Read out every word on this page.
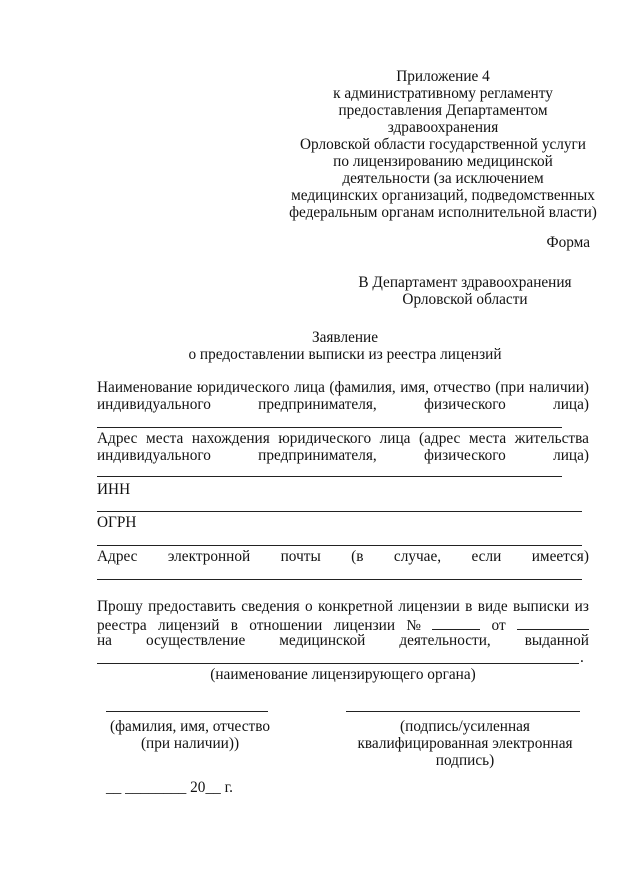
Приложение 4
к административному регламенту
предоставления Департаментом
здравоохранения
Орловской области государственной услуги
по лицензированию медицинской
деятельности (за исключением
медицинских организаций, подведомственных
федеральным органам исполнительной власти)
Форма
В Департамент здравоохранения
Орловской области
Заявление
о предоставлении выписки из реестра лицензий
Наименование юридического лица (фамилия, имя, отчество (при наличии)
индивидуального	предпринимателя,	физического	лица)
Адрес места нахождения юридического лица (адрес места жительства
индивидуального	предпринимателя,	физического	лица)
ИНН
ОГРН
Адрес электронной почты (в случае, если имеется)
Прошу предоставить сведения о конкретной лицензии в виде выписки из
реестра лицензий в отношении лицензии №	от
на осуществление медицинской деятельности, выданной
.
(наименование лицензирующего органа)
(фамилия, имя, отчество
(при наличии))
(подпись/усиленная
квалифицированная электронная
подпись)
__ ________ 20__ г.
